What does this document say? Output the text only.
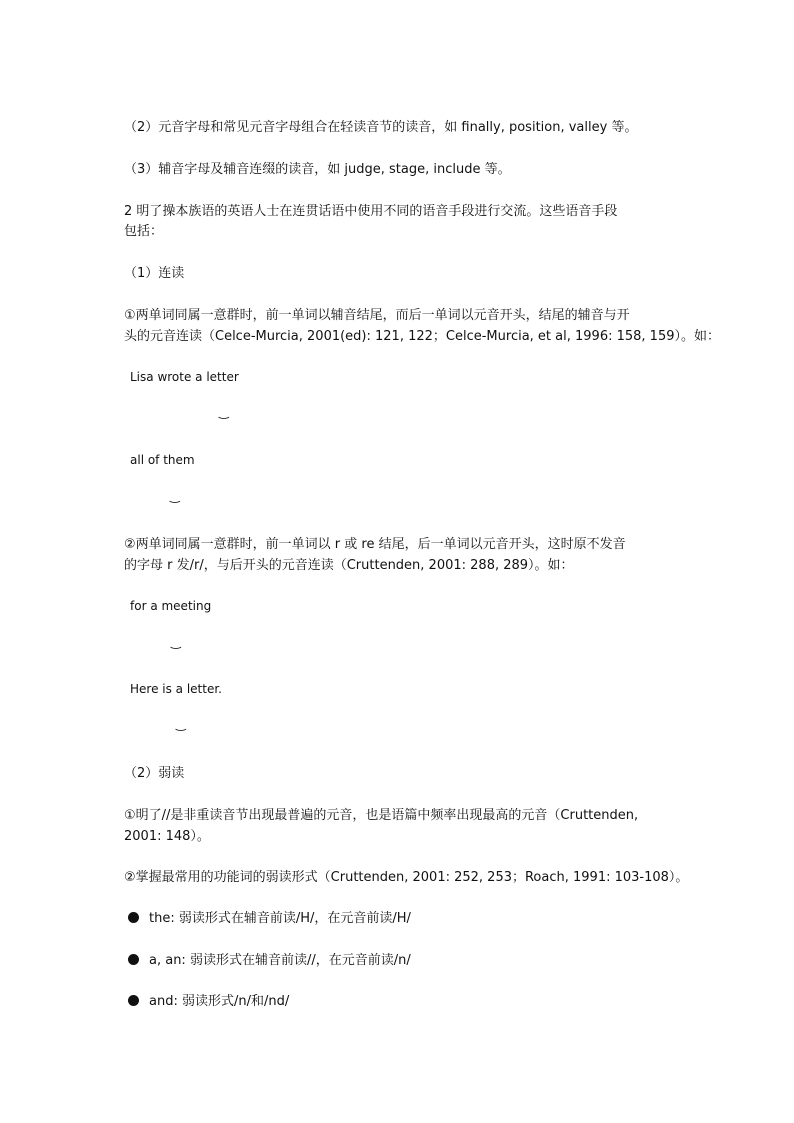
（2）元音字母和常见元音字母组合在轻读音节的读音，如 finally, position, valley 等。
（3）辅音字母及辅音连缀的读音，如 judge, stage, include 等。
2 明了操本族语的英语人士在连贯话语中使用不同的语音手段进行交流。这些语音手段
包括：
（1）连读
①两单词同属一意群时，前一单词以辅音结尾，而后一单词以元音开头，结尾的辅音与开
头的元音连读（Celce-Murcia, 2001(ed): 121, 122；Celce-Murcia, et al, 1996: 158, 159）。如：
Lisa wrote a letter
‿
all of them
‿
②两单词同属一意群时，前一单词以 r 或 re 结尾，后一单词以元音开头，这时原不发音
的字母 r 发/r/，与后开头的元音连读（Cruttenden, 2001: 288, 289）。如：
for a meeting
‿
Here is a letter.
‿
（2）弱读
①明了//是非重读音节出现最普遍的元音，也是语篇中频率出现最高的元音（Cruttenden,
2001: 148）。
②掌握最常用的功能词的弱读形式（Cruttenden, 2001: 252, 253；Roach, 1991: 103-108）。
the: 弱读形式在辅音前读/H/，在元音前读/H/
a, an: 弱读形式在辅音前读//，在元音前读/n/
and: 弱读形式/n/和/nd/
